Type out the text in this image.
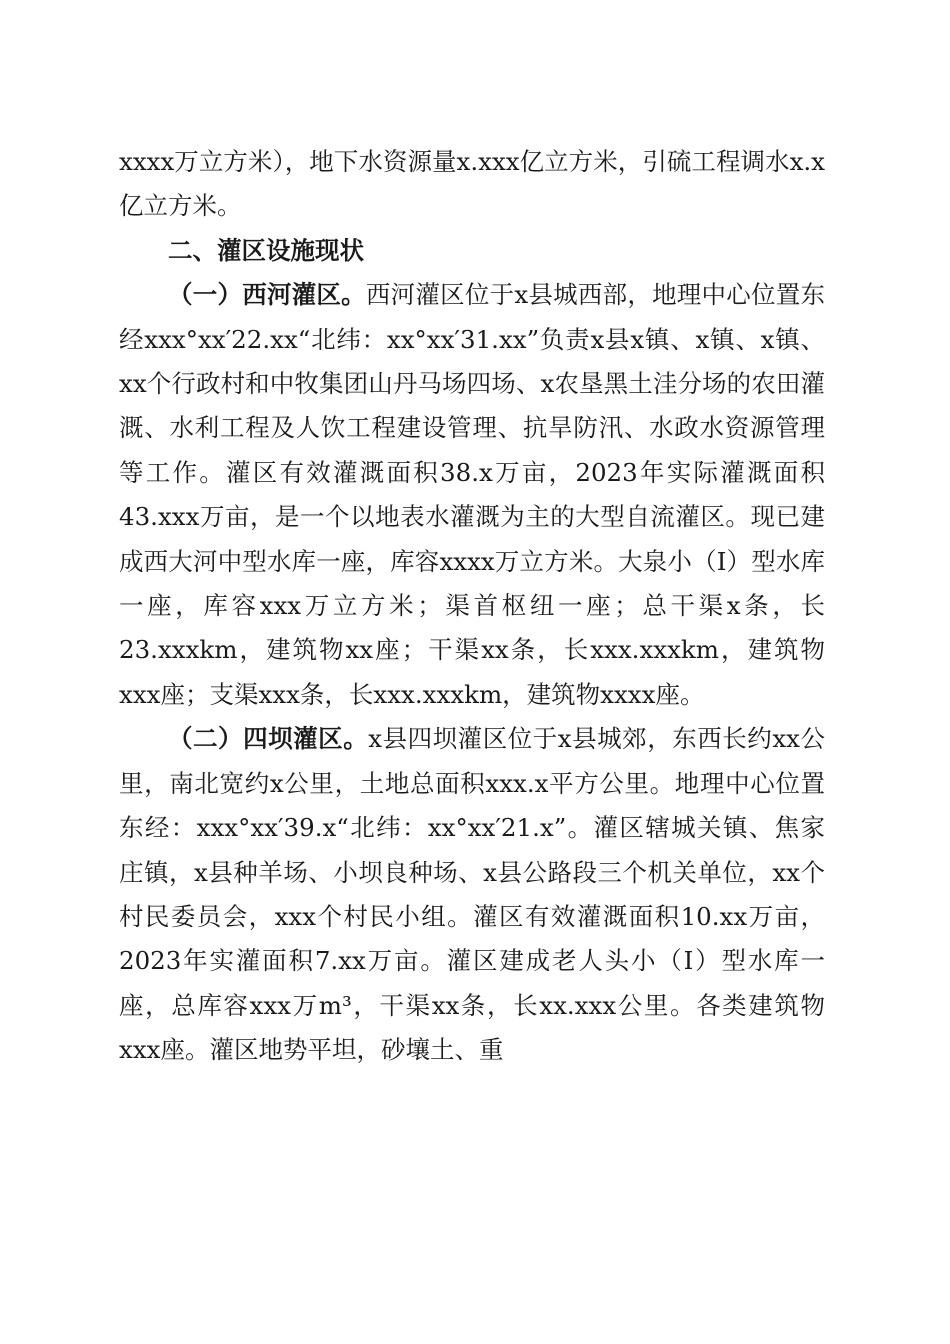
xxxx万立方米），地下水资源量x.xxx亿立方米，引硫工程调水x.x亿立方米。

二、灌区设施现状

（一）西河灌区。西河灌区位于x县城西部，地理中心位置东经xxx°xx′22.xx“北纬：xx°xx′31.xx”负责x县x镇、x镇、x镇、xx个行政村和中牧集团山丹马场四场、x农垦黑土洼分场的农田灌溉、水利工程及人饮工程建设管理、抗旱防汛、水政水资源管理等工作。灌区有效灌溉面积38.x万亩，2023年实际灌溉面积43.xxx万亩，是一个以地表水灌溉为主的大型自流灌区。现已建成西大河中型水库一座，库容xxxx万立方米。大泉小（I）型水库一座，库容xxx万立方米；渠首枢纽一座；总干渠x条，长23.xxxkm，建筑物xx座；干渠xx条，长xxx.xxxkm，建筑物xxx座；支渠xxx条，长xxx.xxxkm，建筑物xxxx座。

（二）四坝灌区。x县四坝灌区位于x县城郊，东西长约xx公里，南北宽约x公里，土地总面积xxx.x平方公里。地理中心位置东经：xxx°xx′39.x“北纬：xx°xx′21.x”。灌区辖城关镇、焦家庄镇，x县种羊场、小坝良种场、x县公路段三个机关单位，xx个村民委员会，xxx个村民小组。灌区有效灌溉面积10.xx万亩，2023年实灌面积7.xx万亩。灌区建成老人头小（I）型水库一座，总库容xxx万m³，干渠xx条，长xx.xxx公里。各类建筑物xxx座。灌区地势平坦，砂壤土、重
